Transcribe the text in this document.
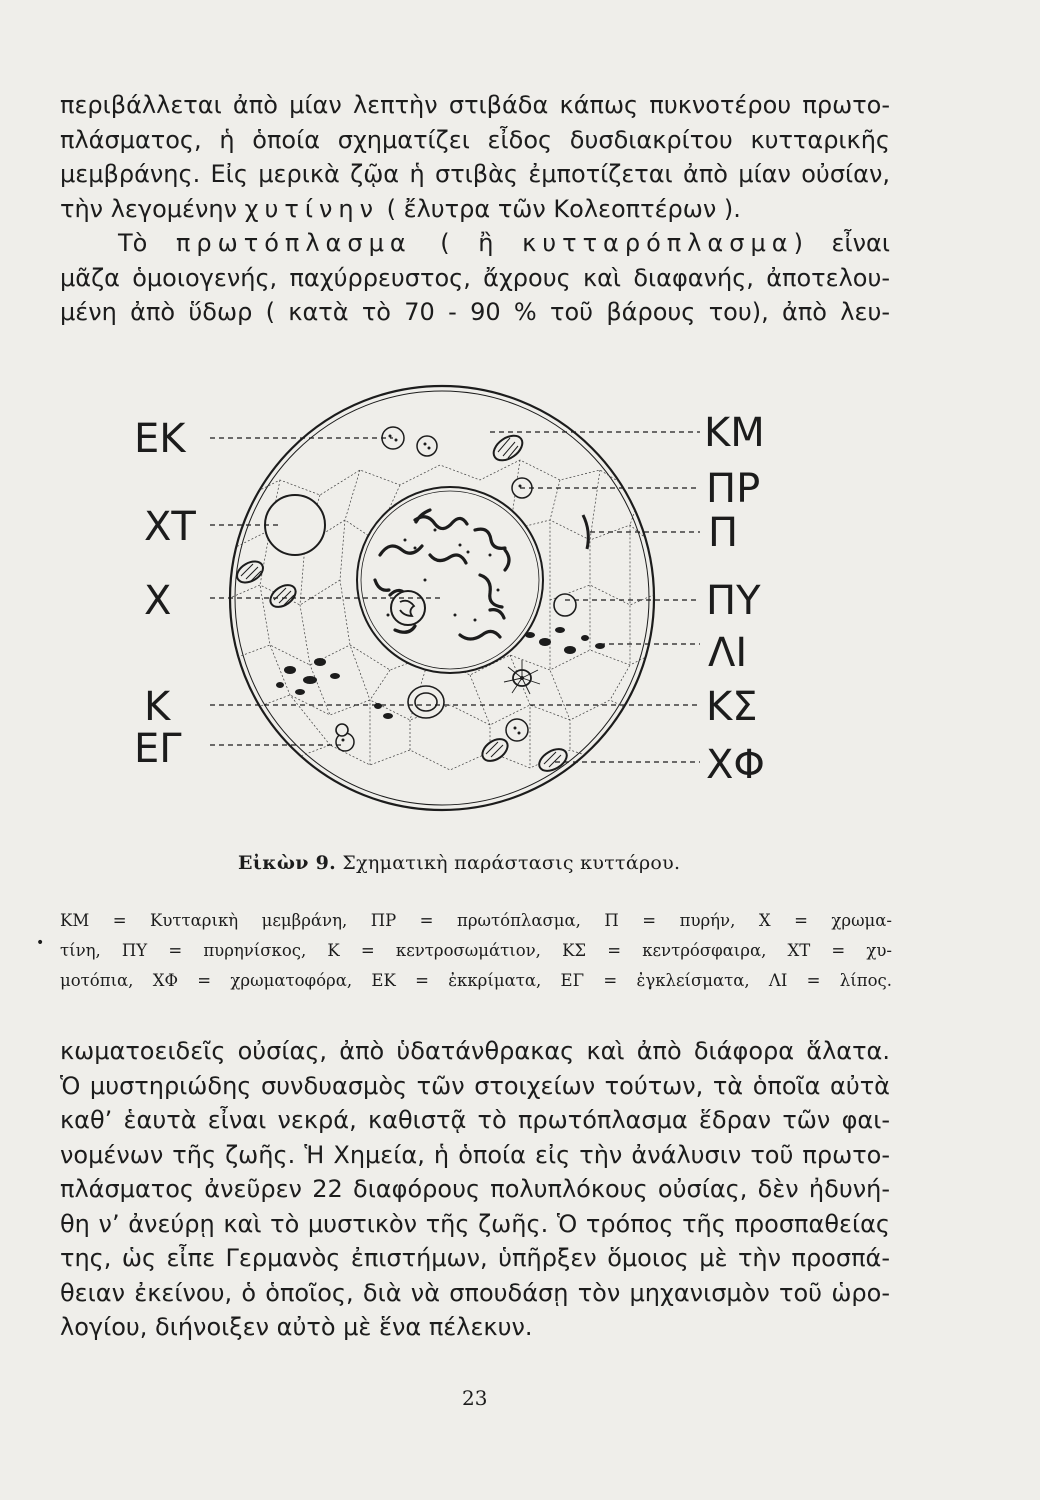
περιβάλλεται ἀπὸ μίαν λεπτὴν στιβάδα κάπως πυκνοτέρου πρωτο-
πλάσματος, ἡ ὁποία σχηματίζει εἶδος δυσδιακρίτου κυτταρικῆς
μεμβράνης. Εἰς μερικὰ ζῷα ἡ στιβὰς ἐμποτίζεται ἀπὸ μίαν οὐσίαν,
τὴν λεγομένην χυτίνην ( ἔλυτρα τῶν Κολεοπτέρων ).
Τὸ πρωτόπλασμα ( ἢ κυτταρόπλασμα) εἶναι
μᾶζα ὁμοιογενής, παχύρρευστος, ἄχρους καὶ διαφανής, ἀποτελου-
μένη ἀπὸ ὕδωρ ( κατὰ τὸ 70 - 90 % τοῦ βάρους του), ἀπὸ λευ-
ΕΚ
ΧΤ
Χ
Κ
ΕΓ
ΚΜ
ΠΡ
Π
ΠΥ
ΛΙ
ΚΣ
ΧΦ
Εἰκὼν 9. Σχηματικὴ παράστασις κυττάρου.
•
ΚΜ = Κυτταρικὴ μεμβράνη, ΠΡ = πρωτόπλασμα, Π = πυρήν, Χ = χρωμα-
τίνη, ΠΥ = πυρηνίσκος, Κ = κεντροσωμάτιον, ΚΣ = κεντρόσφαιρα, ΧΤ = χυ-
μοτόπια, ΧΦ = χρωματοφόρα, ΕΚ = ἐκκρίματα, ΕΓ = ἐγκλείσματα, ΛΙ = λίπος.
κωματοειδεῖς οὐσίας, ἀπὸ ὑδατάνθρακας καὶ ἀπὸ διάφορα ἅλατα.
Ὁ μυστηριώδης συνδυασμὸς τῶν στοιχείων τούτων, τὰ ὁποῖα αὐτὰ
καθ’ ἑαυτὰ εἶναι νεκρά, καθιστᾷ τὸ πρωτόπλασμα ἕδραν τῶν φαι-
νομένων τῆς ζωῆς. Ἡ Χημεία, ἡ ὁποία εἰς τὴν ἀνάλυσιν τοῦ πρωτο-
πλάσματος ἀνεῦρεν 22 διαφόρους πολυπλόκους οὐσίας, δὲν ἠδυνή-
θη ν’ ἀνεύρῃ καὶ τὸ μυστικὸν τῆς ζωῆς. Ὁ τρόπος τῆς προσπαθείας
της, ὡς εἶπε Γερμανὸς ἐπιστήμων, ὑπῆρξεν ὅμοιος μὲ τὴν προσπά-
θειαν ἐκείνου, ὁ ὁποῖος, διὰ νὰ σπουδάσῃ τὸν μηχανισμὸν τοῦ ὡρο-
λογίου, διήνοιξεν αὐτὸ μὲ ἕνα πέλεκυν.
23
